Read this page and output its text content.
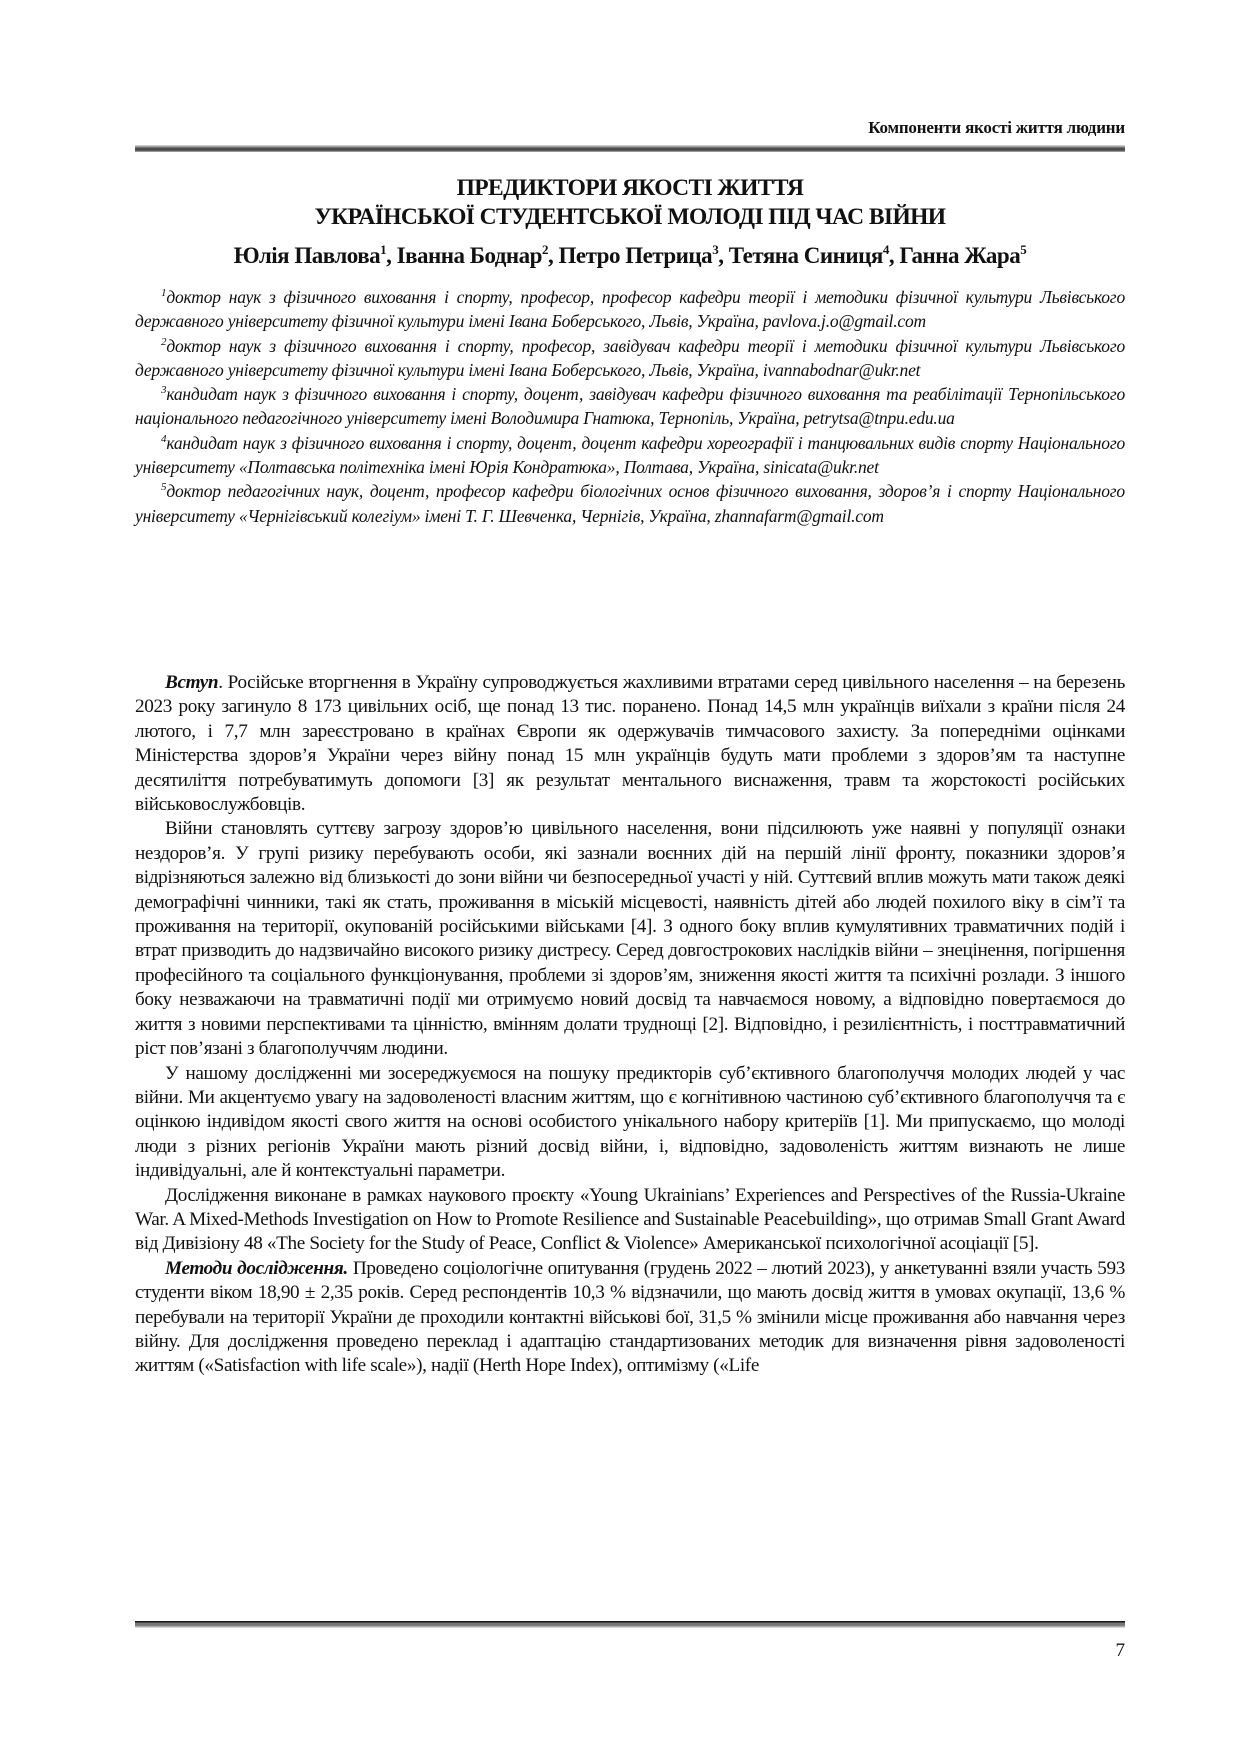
Компоненти якості життя людини
ПРЕДИКТОРИ ЯКОСТІ ЖИТТЯ
УКРАЇНСЬКОЇ СТУДЕНТСЬКОЇ МОЛОДІ ПІД ЧАС ВІЙНИ
Юлія Павлова$^1$, Іванна Боднар$^2$, Петро Петрица$^3$, Тетяна Синиця$^4$, Ганна Жара$^5$

$^1$доктор наук з фізичного виховання і спорту, професор, професор кафедри теорії і методики фізичної культури Львівського державного університету фізичної культури імені Івана Боберського, Львів, Україна, pavlova.j.o@gmail.com

$^2$доктор наук з фізичного виховання і спорту, професор, завідувач кафедри теорії і методики фізичної культури Львівського державного університету фізичної культури імені Івана Боберського, Львів, Україна, ivannabodnar@ukr.net

$^3$кандидат наук з фізичного виховання і спорту, доцент, завідувач кафедри фізичного виховання та реабілітації Тернопільського національного педагогічного університету імені Володимира Гнатюка, Тернопіль, Україна, petrytsa@tnpu.edu.ua

$^4$кандидат наук з фізичного виховання і спорту, доцент, доцент кафедри хореографії і танцювальних видів спорту Національного університету «Полтавська політехніка імені Юрія Кондратюка», Полтава, Україна, sinicata@ukr.net

$^5$доктор педагогічних наук, доцент, професор кафедри біологічних основ фізичного виховання, здоров’я і спорту Національного університету «Чернігівський колегіум» імені Т. Г. Шевченка, Чернігів, Україна, zhannafarm@gmail.com

Вступ. Російське вторгнення в Україну супроводжується жахливими втратами серед цивільного населення – на березень 2023 року загинуло 8 173 цивільних осіб, ще понад 13 тис. поранено. Понад 14,5 млн українців виїхали з країни після 24 лютого, і 7,7 млн зареєстровано в країнах Європи як одержувачів тимчасового захисту. За попередніми оцінками Міністерства здоров’я України через війну понад 15 млн українців будуть мати проблеми з здоров’ям та наступне десятиліття потребуватимуть допомоги [3] як результат ментального виснаження, травм та жорстокості російських військовослужбовців.

Війни становлять суттєву загрозу здоров’ю цивільного населення, вони підсилюють уже наявні у популяції ознаки нездоров’я. У групі ризику перебувають особи, які зазнали воєнних дій на першій лінії фронту, показники здоров’я відрізняються залежно від близькості до зони війни чи безпосередньої участі у ній. Суттєвий вплив можуть мати також деякі демографічні чинники, такі як стать, проживання в міській місцевості, наявність дітей або людей похилого віку в сім’ї та проживання на території, окупованій російськими військами [4]. З одного боку вплив кумулятивних травматичних подій і втрат призводить до надзвичайно високого ризику дистресу. Серед довгострокових наслідків війни – знецінення, погіршення професійного та соціального функціонування, проблеми зі здоров’ям, зниження якості життя та психічні розлади. З іншого боку незважаючи на травматичні події ми отримуємо новий досвід та навчаємося новому, а відповідно повертаємося до життя з новими перспективами та цінністю, вмінням долати труднощі [2]. Відповідно, і резилієнтність, і посттравматичний ріст пов’язані з благополуччям людини.

У нашому дослідженні ми зосереджуємося на пошуку предикторів суб’єктивного благополуччя молодих людей у час війни. Ми акцентуємо увагу на задоволеності власним життям, що є когнітивною частиною суб’єктивного благополуччя та є оцінкою індивідом якості свого життя на основі особистого унікального набору критеріїв [1]. Ми припускаємо, що молоді люди з різних регіонів України мають різний досвід війни, і, відповідно, задоволеність життям визнають не лише індивідуальні, але й контекстуальні параметри.

Дослідження виконане в рамках наукового проєкту «Young Ukrainians’ Experiences and Perspectives of the Russia-Ukraine War. A Mixed-Methods Investigation on How to Promote Resilience and Sustainable Peacebuilding», що отримав Small Grant Award від Дивізіону 48 «The Society for the Study of Peace, Conflict & Violence» Американської психологічної асоціації [5].

Методи дослідження. Проведено соціологічне опитування (грудень 2022 – лютий 2023), у анкетуванні взяли участь 593 студенти віком 18,90 ± 2,35 років. Серед респондентів 10,3 % відзначили, що мають досвід життя в умовах окупації, 13,6 % перебували на території України де проходили контактні військові бої, 31,5 % змінили місце проживання або навчання через війну. Для дослідження проведено переклад і адаптацію стандартизованих методик для визначення рівня задоволеності життям («Satisfaction with life scale»), надії (Herth Hope Index), оптимізму («Life

7
